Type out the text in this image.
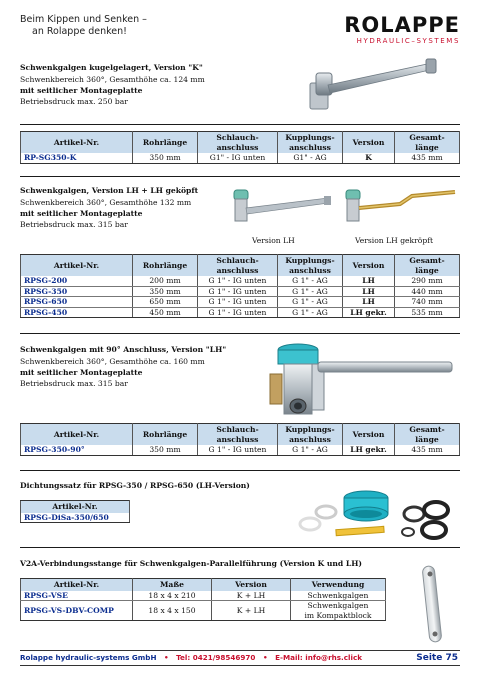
Beim Kippen und Senken –
an Rolappe denken!	ROLAPPE
HYDRAULIC–SYSTEMS
Schwenkgalgen kugelgelagert, Version "K"
Schwenkbereich 360°, Gesamthöhe ca. 124 mm
mit seitlicher Montageplatte
Betriebsdruck max. 250 bar
Artikel-Nr.	Rohrlänge	Schlauch-anschluss	Kupplungs-anschluss	Version	Gesamt-länge
RP-SG350-K	350 mm	G1" - IG unten	G1" - AG	K	435 mm
Schwenkgalgen, Version LH + LH geköpft
Schwenkbereich 360°, Gesamthöhe 132 mm
mit seitlicher Montageplatte
Betriebsdruck max. 315 bar
Version LH	Version LH gekröpft
Artikel-Nr.	Rohrlänge	Schlauch-anschluss	Kupplungs-anschluss	Version	Gesamt-länge
RPSG-200	200 mm	G 1" - IG unten	G 1" - AG	LH	290 mm
RPSG-350	350 mm	G 1" - IG unten	G 1" - AG	LH	440 mm
RPSG-650	650 mm	G 1" - IG unten	G 1" - AG	LH	740 mm
RPSG-450	450 mm	G 1" - IG unten	G 1" - AG	LH gekr.	535 mm
Schwenkgalgen mit 90° Anschluss, Version "LH"
Schwenkbereich 360°, Gesamthöhe ca. 160 mm
mit seitlicher Montageplatte
Betriebsdruck max. 315 bar
Artikel-Nr.	Rohrlänge	Schlauch-anschluss	Kupplungs-anschluss	Version	Gesamt-länge
RPSG-350-90°	350 mm	G 1" - IG unten	G 1" - AG	LH gekr.	435 mm
Dichtungssatz für RPSG-350 / RPSG-650 (LH-Version)
Artikel-Nr.
RPSG-DiSa-350/650
V2A-Verbindungsstange für Schwenkgalgen-Parallelführung (Version K und LH)
Artikel-Nr.	Maße	Version	Verwendung
RPSG-VSE	18 x 4 x 210	K + LH	Schwenkgalgen
RPSG-VS-DBV-COMP	18 x 4 x 150	K + LH	Schwenkgalgen
im Kompaktblock
Rolappe hydraulic-systems GmbH • Tel: 0421/98546970 • E-Mail: info@rhs.click	Seite 75
